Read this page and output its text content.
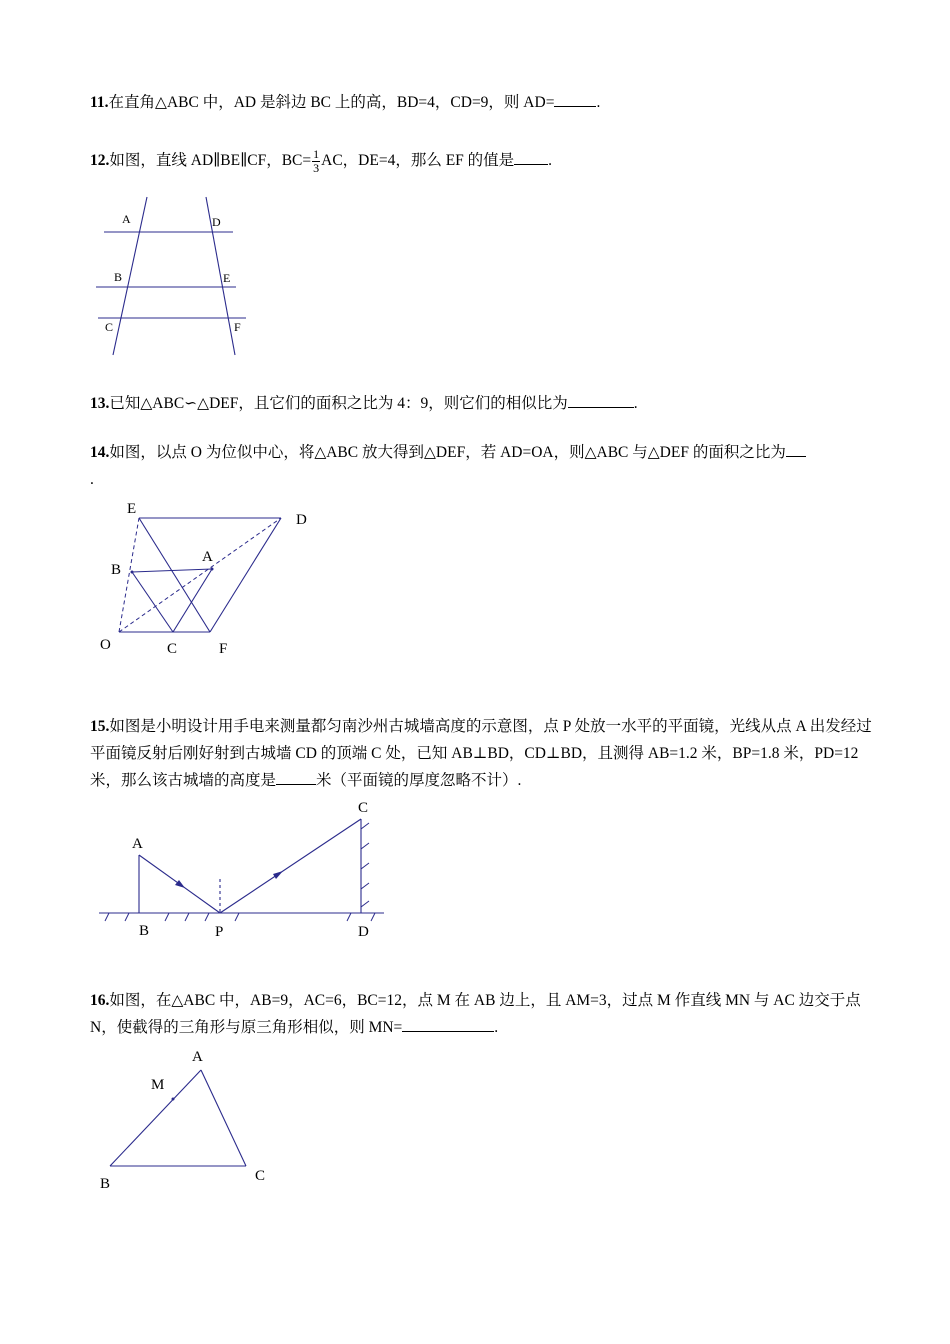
11.在直角△ABC 中，AD 是斜边 BC 上的高，BD=4，CD=9，则 AD=	.
12.如图，直线 AD∥BE∥CF，$BC= \frac{1}{3}$ AC，DE=4，那么 EF 的值是 .
A	D
B	E
C	F
13.已知△ABC∽△DEF，且它们的面积之比为 4：9，则它们的相似比为	.
14.如图，以点 O 为位似中心，将△ABC 放大得到△DEF，若 AD=OA，则△ABC 与△DEF 的面积之比为
.
E
D
A
B
O	C	F
15.如图是小明设计用手电来测量都匀南沙州古城墙高度的示意图，点 P 处放一水平的平面镜，光线从点 A 出发经过平面镜反射后刚好射到古城墙 CD 的顶端 C 处，已知 AB⊥BD，CD⊥BD，且测得 AB=1.2 米，BP=1.8 米，PD=12 米，那么该古城墙的高度是	米（平面镜的厚度忽略不计）.
A
B	P
C
D
16.如图，在△ABC 中，AB=9，AC=6，BC=12，点 M 在 AB 边上，且 AM=3，过点 M 作直线 MN 与 AC 边交于点 N，使截得的三角形与原三角形相似，则 MN=	.
A
M
B	C
